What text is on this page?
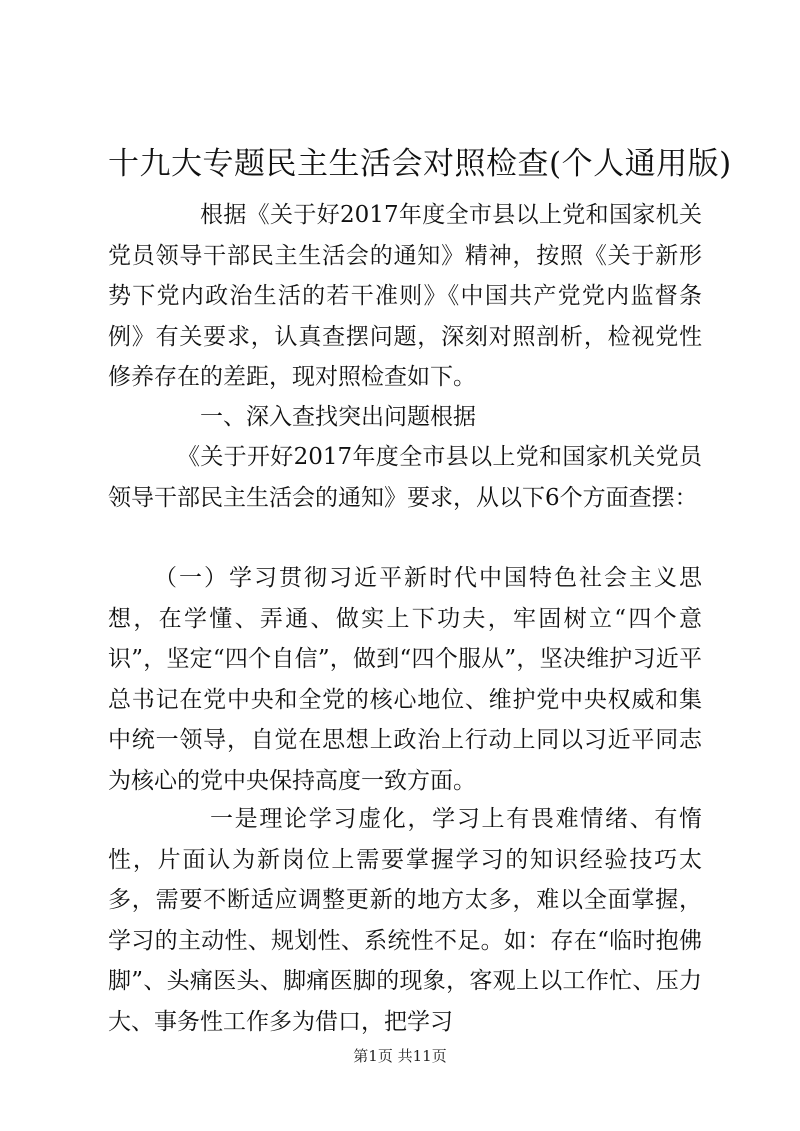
十九大专题民主生活会对照检查(个人通用版)

根据《关于好2017年度全市县以上党和国家机关党员领导干部民主生活会的通知》精神，按照《关于新形势下党内政治生活的若干准则》《中国共产党党内监督条例》有关要求，认真查摆问题，深刻对照剖析，检视党性修养存在的差距，现对照检查如下。

一、深入查找突出问题根据

《关于开好2017年度全市县以上党和国家机关党员领导干部民主生活会的通知》要求，从以下6个方面查摆：

（一）学习贯彻习近平新时代中国特色社会主义思想，在学懂、弄通、做实上下功夫，牢固树立“四个意识”，坚定“四个自信”，做到“四个服从”，坚决维护习近平总书记在党中央和全党的核心地位、维护党中央权威和集中统一领导，自觉在思想上政治上行动上同以习近平同志为核心的党中央保持高度一致方面。

一是理论学习虚化，学习上有畏难情绪、有惰性，片面认为新岗位上需要掌握学习的知识经验技巧太多，需要不断适应调整更新的地方太多，难以全面掌握，学习的主动性、规划性、系统性不足。如：存在“临时抱佛脚”、头痛医头、脚痛医脚的现象，客观上以工作忙、压力大、事务性工作多为借口，把学习

第1页 共11页
